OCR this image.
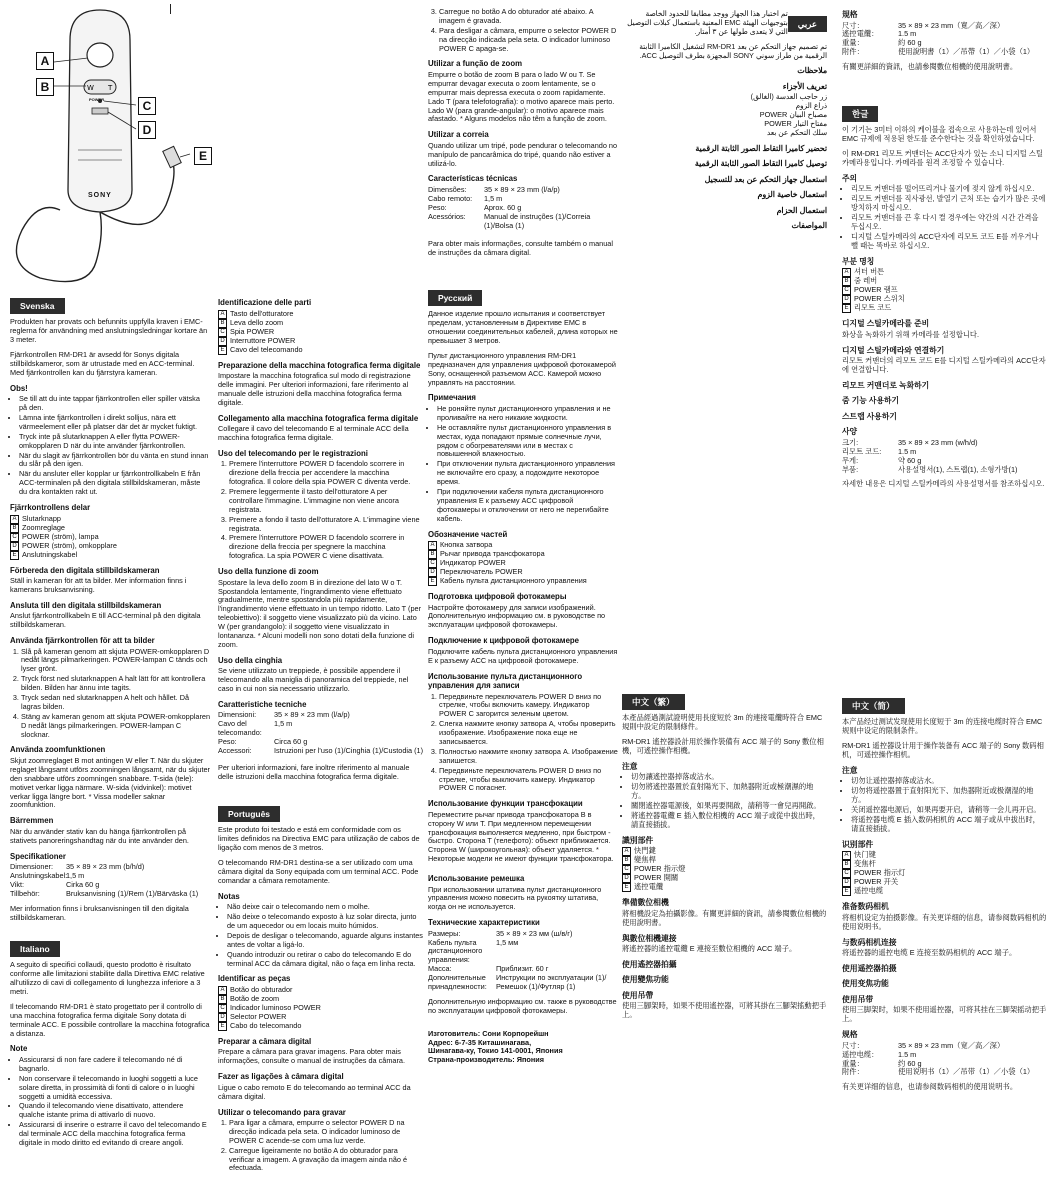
W T
A
B
C
D
E
POWER
SONY
Svenska

Produkten har provats och befunnits uppfylla kraven i EMC-reglerna för användning med anslutningsledningar kortare än 3 meter.

Fjärrkontrollen RM-DR1 är avsedd för Sonys digitala stillbildskameror, som är utrustade med en ACC-terminal. Med fjärrkontrollen kan du fjärrstyra kameran.

Obs!
• Se till att du inte tappar fjärrkontrollen eller spiller vätska på den.
• Lämna inte fjärrkontrollen i direkt solljus, nära ett värmeelement eller på platser där det är mycket fuktigt.
• Tryck inte på slutarknappen A eller flytta POWER-omkopplaren D när du inte använder fjärrkontrollen.
• När du slagit av fjärrkontrollen bör du vänta en stund innan du slår på den igen.
• När du ansluter eller kopplar ur fjärrkontrollkabeln E från ACC-terminalen på den digitala stillbildskameran, måste du dra kontakten rakt ut.
Fjärrkontrollens delar
A Slutarknapp
B Zoomreglage
C POWER (ström), lampa
D POWER (ström), omkopplare
E Anslutningskabel
Förbereda den digitala stillbildskameran

Ställ in kameran för att ta bilder. Mer information finns i kamerans bruksanvisning.

Ansluta till den digitala stillbildskameran

Anslut fjärrkontrollkabeln E till ACC-terminal på den digitala stillbildskameran.

Använda fjärrkontrollen för att ta bilder
1. Slå på kameran genom att skjuta POWER-omkopplaren D nedåt längs pilmarkeringen. POWER-lampan C tänds och lyser grönt.
2. Tryck först ned slutarknappen A halt lätt för att kontrollera bilden. Bilden har ännu inte tagits.
3. Tryck sedan ned slutarknappen A helt och hållet. Då lagras bilden.
4. Stäng av kameran genom att skjuta POWER-omkopplaren D nedåt längs pilmarkeringen. POWER-lampan C slocknar.
Använda zoomfunktionen

Skjut zoomreglaget B mot antingen W eller T. När du skjuter reglaget långsamt utförs zoomningen långsamt, när du skjuter den snabbare utförs zoomningen snabbare. T-sida (tele): motivet verkar ligga närmare. W-sida (vidvinkel): motivet verkar ligga längre bort. * Vissa modeller saknar zoomfunktion.

Bärremmen

När du använder stativ kan du hänga fjärrkontrollen på stativets panoreringshandtag när du inte använder den.

Specifikationer
Dimensioner:	35 × 89 × 23 mm (b/h/d)
Anslutningskabel:
1,5 m
Vikt:	Cirka 60 g
Tillbehör:	Bruksanvisning (1)/Rem (1)/Bärväska (1)

Mer information finns i bruksanvisningen till den digitala stillbildskameran.

Italiano

A seguito di specifici collaudi, questo prodotto è risultato conforme alle limitazioni stabilite dalla Direttiva EMC relative all'utilizzo di cavi di collegamento di lunghezza inferiore a 3 metri.

Il telecomando RM-DR1 è stato progettato per il controllo di una macchina fotografica ferma digitale Sony dotata di terminale ACC. E possibile controllare la macchina fotografica a distanza.

Note
• Assicurarsi di non fare cadere il telecomando né di bagnarlo.
• Non conservare il telecomando in luoghi soggetti a luce solare diretta, in prossimità di fonti di calore o in luoghi soggetti a umidità eccessiva.
• Quando il telecomando viene disattivato, attendere qualche istante prima di attivarlo di nuovo.
• Assicurarsi di inserire o estrarre il cavo del telecomando E dal terminale ACC della macchina fotografica ferma digitale in modo diritto ed evitando di creare angoli.
Identificazione delle parti
A Tasto dell'otturatore
B Leva dello zoom
C Spia POWER
D Interruttore POWER
E Cavo del telecomando
Preparazione della macchina fotografica ferma digitale

Impostare la macchina fotografica sul modo di registrazione delle immagini. Per ulteriori informazioni, fare riferimento al manuale delle istruzioni della macchina fotografica ferma digitale.

Collegamento alla macchina fotografica ferma digitale

Collegare il cavo del telecomando E al terminale ACC della macchina fotografica ferma digitale.

Uso del telecomando per le registrazioni
1. Premere l'interruttore POWER D facendolo scorrere in direzione della freccia per accendere la macchina fotografica. Il colore della spia POWER C diventa verde.
2. Premere leggermente il tasto dell'otturatore A per controllare l'immagine. L'immagine non viene ancora registrata.
3. Premere a fondo il tasto dell'otturatore A. L'immagine viene registrata.
4. Premere l'interruttore POWER D facendolo scorrere in direzione della freccia per spegnere la macchina fotografica. La spia POWER C viene disattivata.
Uso della funzione di zoom

Spostare la leva dello zoom B in direzione del lato W o T. Spostandola lentamente, l'ingrandimento viene effettuato gradualmente, mentre spostandola più rapidamente, l'ingrandimento viene effettuato in un tempo ridotto. Lato T (per teleobiettivo): il soggetto viene visualizzato più da vicino. Lato W (per grandangolo): il soggetto viene visualizzato in lontananza. * Alcuni modelli non sono dotati della funzione di zoom.

Uso della cinghia

Se viene utilizzato un treppiede, è possibile appendere il telecomando alla maniglia di panoramica del treppiede, nel caso in cui non sia necessario utilizzarlo.

Caratteristiche tecniche
Dimensioni:	35 × 89 × 23 mm (l/a/p)
Cavo del telecomando:
1,5 m
Peso:	Circa 60 g
Accessori:	Istruzioni per l'uso (1)/Cinghia (1)/Custodia (1)

Per ulteriori informazioni, fare inoltre riferimento al manuale delle istruzioni della macchina fotografica ferma digitale.

Português

Este produto foi testado e está em conformidade com os limites definidos na Directiva EMC para utilização de cabos de ligação com menos de 3 metros.

O telecomando RM-DR1 destina-se a ser utilizado com uma câmara digital da Sony equipada com um terminal ACC. Pode comandar a câmara remotamente.

Notas
• Não deixe cair o telecomando nem o molhe.
• Não deixe o telecomando exposto à luz solar directa, junto de um aquecedor ou em locais muito húmidos.
• Depois de desligar o telecomando, aguarde alguns instantes antes de voltar a ligá-lo.
• Quando introduzir ou retirar o cabo do telecomando E do terminal ACC da câmara digital, não o faça em linha recta.
Identificar as peças
A Botão do obturador
B Botão de zoom
C Indicador luminoso POWER
D Selector POWER
E Cabo do telecomando
Preparar a câmara digital

Prepare a câmara para gravar imagens. Para obter mais informações, consulte o manual de instruções da câmara.

Fazer as ligações à câmara digital

Ligue o cabo remoto E do telecomando ao terminal ACC da câmara digital.

Utilizar o telecomando para gravar
1. Para ligar a câmara, empurre o selector POWER D na direcção indicada pela seta. O indicador luminoso de POWER C acende-se com uma luz verde.
2. Carregue ligeiramente no botão A do obturador para verificar a imagem. A gravação da imagem ainda não é efectuada.
3. Carregue no botão A do obturador até abaixo. A imagem é gravada.
4. Para desligar a câmara, empurre o selector POWER D na direcção indicada pela seta. O indicador luminoso POWER C apaga-se.
Utilizar a função de zoom

Empurre o botão de zoom B para o lado W ou T. Se empurrar devagar executa o zoom lentamente, se o empurrar mais depressa executa o zoom rapidamente. Lado T (para telefotografia): o motivo aparece mais perto. Lado W (para grande-angular): o motivo aparece mais afastado. * Alguns modelos não têm a função de zoom.

Utilizar a correia

Quando utilizar um tripé, pode pendurar o telecomando no manípulo de pancarâmica do tripé, quando não estiver a utilizá-lo.

Características técnicas
Dimensões:	35 × 89 × 23 mm (l/a/p)
Cabo remoto:	1,5 m
Peso:	Aprox. 60 g
Acessórios:	Manual de instruções (1)/Correia (1)/Bolsa (1)

Para obter mais informações, consulte também o manual de instruções da câmara digital.

Русский

Данное изделие прошло испытания и соответствует пределам, установленным в Директиве EMC в отношении соединительных кабелей, длина которых не превышает 3 метров.

Пульт дистанционного управления RM-DR1 предназначен для управления цифровой фотокамерой Sony, оснащенной разъемом ACC. Камерой можно управлять на расстоянии.

Примечания
• Не роняйте пульт дистанционного управления и не проливайте на него никакие жидкости.
• Не оставляйте пульт дистанционного управления в местах, куда попадают прямые солнечные лучи, рядом с обогревателями или в местах с повышенной влажностью.
• При отключении пульта дистанционного управления не включайте его сразу, а подождите некоторое время.
• При подключении кабеля пульта дистанционного управления E к разъему ACC цифровой фотокамеры и отключении от него не перегибайте кабель.
Обозначение частей
A Кнопка затвора
B Рычаг привода трансфокатора
C Индикатор POWER
D Переключатель POWER
E Кабель пульта дистанционного управления
Подготовка цифровой фотокамеры

Настройте фотокамеру для записи изображений. Дополнительную информацию см. в руководстве по эксплуатации цифровой фотокамеры.

Подключение к цифровой фотокамере

Подключите кабель пульта дистанционного управления E к разъему ACC на цифровой фотокамере.

Использование пульта дистанционного управления для записи
1. Передвиньте переключатель POWER D вниз по стрелке, чтобы включить камеру. Индикатор POWER C загорится зеленым цветом.
2. Слегка нажмите кнопку затвора A, чтобы проверить изображение. Изображение пока еще не записывается.
3. Полностью нажмите кнопку затвора A. Изображение запишется.
4. Передвиньте переключатель POWER D вниз по стрелке, чтобы выключить камеру. Индикатор POWER C погаснет.
Использование функции трансфокации

Переместите рычаг привода трансфокатора B в сторону W или T. При медленном перемещении трансфокация выполняется медленно, при быстром - быстро. Сторона T (телефото): объект приближается. Сторона W (широкоугольная): объект удаляется. * Некоторые модели не имеют функции трансфокатора.

Использование ремешка

При использовании штатива пульт дистанционного управления можно повесить на рукоятку штатива, когда он не используется.

Технические характеристики
Размеры:	35 × 89 × 23 мм (ш/в/г)
Кабель пульта дистанционного управления:
1,5 мм
Масса:	Приблизит. 60 г
Дополнительные принадлежности:
Инструкции по эксплуатации (1)/ Ремешок (1)/Футляр (1)

Дополнительную информацию см. также в руководстве по эксплуатации цифровой фотокамеры.

Изготовитель: Сони Корпорейшн
Адрес: 6-7-35 Киташинагава,
Шинагава-ку, Токио 141-0001, Япония
Страна-производитель: Япония
عربي

تم اختبار هذا الجهاز ووجد مطابقا للحدود الخاصة بتوجيهات الهيئة EMC المعنية باستعمال كبلات التوصيل التي لا يتعدى طولها عن ٣ أمتار.

تم تصميم جهاز التحكم عن بعد RM-DR1 لتشغيل الكاميرا الثابتة الرقمية من طراز سوني SONY المجهزة بطرف التوصيل ACC.

ملاحظات
تعريف الأجزاء
زر حاجب العدسة (الغالق)
ذراع الزوم
مصباح البيان POWER
مفتاح التيار POWER
سلك التحكم عن بعد
تحضير كاميرا التقاط الصور الثابتة الرقمية
توصيل كاميرا التقاط الصور الثابتة الرقمية
استعمال جهاز التحكم عن بعد للتسجيل
استعمال خاصية الزوم
استعمال الحزام
المواصفات
中文（繁）

本產品經過測試證明使用長度短於 3m 的連接電纜時符合 EMC 規則中設定的限制條件。

RM-DR1 遙控器設計用於操作裝備有 ACC 端子的 Sony 數位相機，可遙控操作相機。

注意
• 切勿讓遙控器掉落或沾水。
• 切勿將遙控器置於直射陽光下、加熱器附近或極潮濕的地方。
• 關閉遙控器電源後，如果再要開啟，請稍等一會兒再開啟。
• 將遙控器電纜 E 插入數位相機的 ACC 端子或從中拔出時，請直接插拔。
識別部件
A 快門鍵
B 變焦桿
C POWER 指示燈
D POWER 開關
E 遙控電纜
準備數位相機

將相機設定為拍攝影像。有關更詳細的資訊，請參閱數位相機的使用說明書。

與數位相機連接

將遙控器的遙控電纜 E 連接至數位相機的 ACC 端子。

使用遙控器拍攝
使用變焦功能
使用吊帶

使用三腳架時，如果不使用遙控器，可將其掛在三腳架搖動把手上。

規格
尺寸：	35 × 89 × 23 mm（寬／高／深）
遙控電纜：	1.5 m
重量：	約 60 g
附件：	使用說明書（1）／吊帶（1）／小袋（1）

有關更詳細的資訊，也請參閱數位相機的使用說明書。

한글

이 기기는 3미터 이하의 케이블을 접속으로 사용하는데 있어서 EMC 규제에 적용된 한도를 준수한다는 것을 확인하였습니다.

이 RM-DR1 리모트 커맨더는 ACC단자가 있는 소니 디지털 스틸카메라용입니다. 카메라를 원격 조정할 수 있습니다.

주의
• 리모트 커맨더를 떨어뜨리거나 물기에 젖지 않게 하십시오.
• 리모트 커맨더를 직사광선, 발열기 근처 또는 습기가 많은 곳에 방치하지 마십시오.
• 리모트 커맨더를 끈 후 다시 켤 경우에는 약간의 시간 간격을 두십시오.
• 디지털 스틸카메라의 ACC단자에 리모트 코드 E를 끼우거나 뺄 때는 똑바로 하십시오.
부분 명칭
A 셔터 버튼
B 줌 레버
C POWER 램프
D POWER 스위치
E 리모트 코드
디지털 스틸카메라를 준비

화상을 녹화하기 위해 카메라를 설정합니다.

디지털 스틸카메라와 연결하기

리모트 커맨더의 리모트 코드 E를 디지털 스틸카메라의 ACC단자에 연결합니다.

리모트 커맨더로 녹화하기
줌 기능 사용하기
스트랩 사용하기
사양
크기:	35 × 89 × 23 mm (w/h/d)
리모트 코드:	1.5 m
무게:	약 60 g
부품:	사용설명서(1), 스트랩(1), 소형가방(1)

자세한 내용은 디지털 스틸카메라의 사용설명서를 참조하십시오.

中文（简）

本产品经过测试发现使用长度短于 3m 的连接电缆时符合 EMC 规则中设定的限制条件。

RM-DR1 遥控器设计用于操作装备有 ACC 端子的 Sony 数码相机，可遥控操作相机。

注意
• 切勿让遥控器掉落或沾水。
• 切勿将遥控器置于直射阳光下、加热器附近或极潮湿的地方。
• 关闭遥控器电源后，如果再要开启，请稍等一会儿再开启。
• 将遥控器电缆 E 插入数码相机的 ACC 端子或从中拔出时，请直接插拔。
识别部件
A 快门键
B 变焦杆
C POWER 指示灯
D POWER 开关
E 遥控电缆
准备数码相机

将相机设定为拍摄影像。有关更详细的信息，请参阅数码相机的使用说明书。

与数码相机连接

将遥控器的遥控电缆 E 连接至数码相机的 ACC 端子。

使用遥控器拍摄
使用变焦功能
使用吊带

使用三脚架时，如果不使用遥控器，可将其挂在三脚架摇动把手上。

规格
尺寸：	35 × 89 × 23 mm（宽／高／深）
遥控电缆：	1.5 m
重量：	约 60 g
附件：	使用说明书（1）／吊带（1）／小袋（1）

有关更详细的信息，也请参阅数码相机的使用说明书。
